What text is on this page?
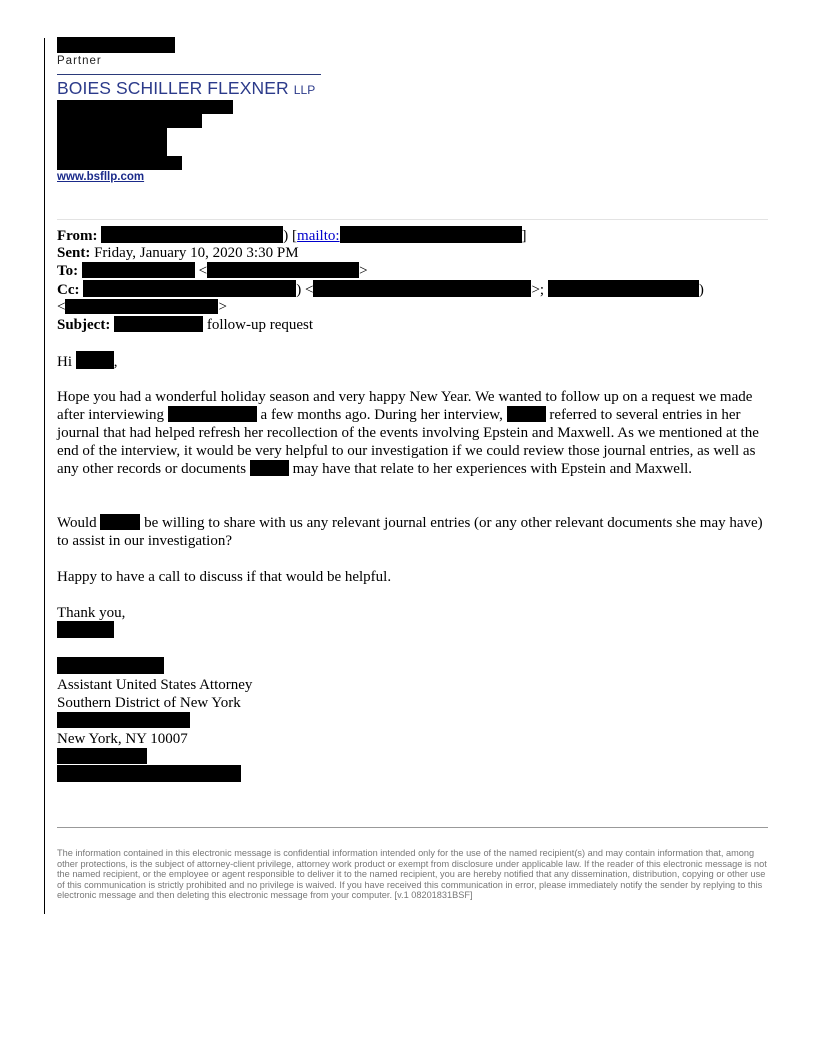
Partner
BOIES SCHILLER FLEXNER LLP
www.bsfllp.com
From:	) [mailto:	]
Sent: Friday, January 10, 2020 3:30 PM
To:	<	>
Cc:	) <	>;	)
<	>
Subject:	follow-up request
Hi	,
Hope you had a wonderful holiday season and very happy New Year. We wanted to follow up on a request we made after interviewing	a few months ago. During her interview,	referred to several entries in her journal that had helped refresh her recollection of the events involving Epstein and Maxwell. As we mentioned at the end of the interview, it would be very helpful to our investigation if we could review those journal entries, as well as any other records or documents	may have that relate to her experiences with Epstein and Maxwell.
Would	be willing to share with us any relevant journal entries (or any other relevant documents she may have) to assist in our investigation?
Happy to have a call to discuss if that would be helpful.
Thank you,
Assistant United States Attorney
Southern District of New York
New York, NY 10007
The information contained in this electronic message is confidential information intended only for the use of the named recipient(s) and may contain information that, among other protections, is the subject of attorney-client privilege, attorney work product or exempt from disclosure under applicable law. If the reader of this electronic message is not the named recipient, or the employee or agent responsible to deliver it to the named recipient, you are hereby notified that any dissemination, distribution, copying or other use of this communication is strictly prohibited and no privilege is waived. If you have received this communication in error, please immediately notify the sender by replying to this electronic message and then deleting this electronic message from your computer. [v.1 08201831BSF]
